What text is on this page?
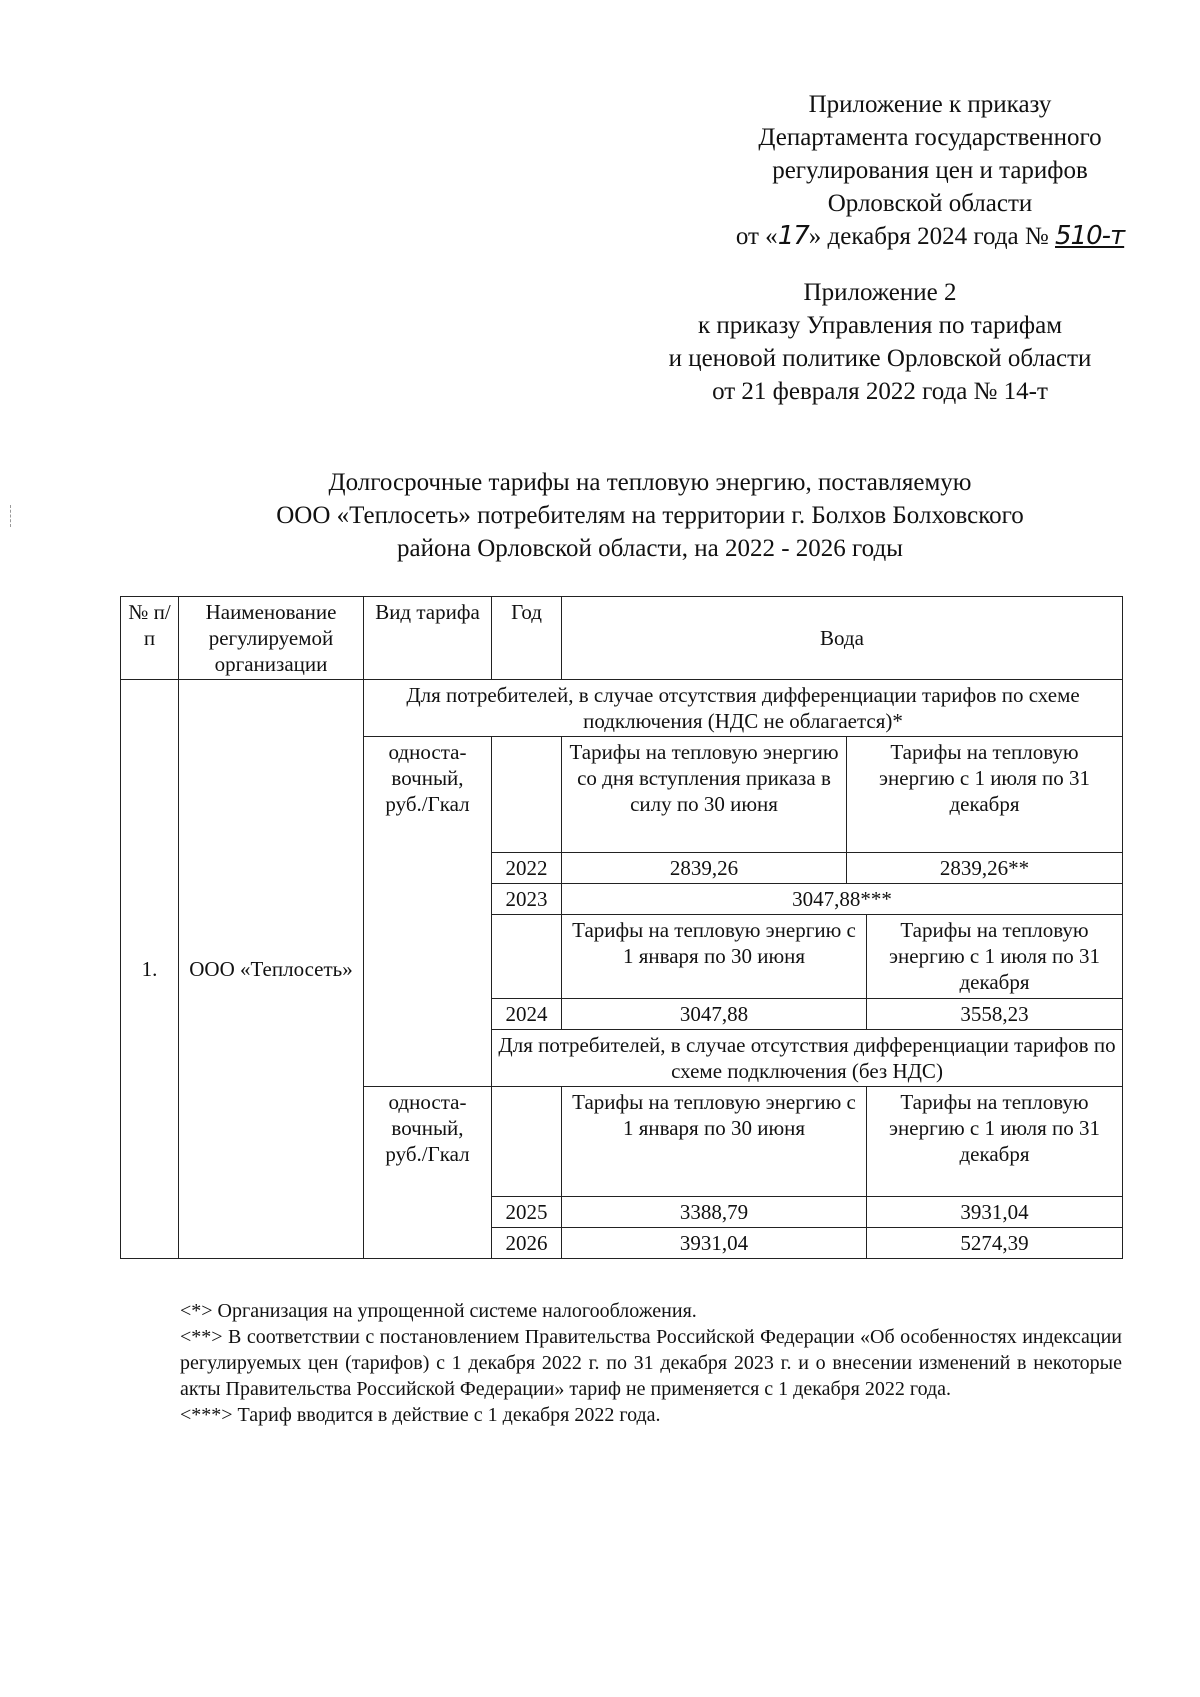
Приложение к приказу
Департамента государственного
регулирования цен и тарифов
Орловской области
от «17» декабря 2024 года № 510-т
Приложение 2
к приказу Управления по тарифам
и ценовой политике Орловской области
от 21 февраля 2022 года № 14-т
Долгосрочные тарифы на тепловую энергию, поставляемую
ООО «Теплосеть» потребителям на территории г. Болхов Болховского
района Орловской области, на 2022 - 2026 годы
№ п/п	Наименование регулируемой организации	Вид тарифа	Год	Вода		
1.	ООО «Теплосеть»	Для потребителей, в случае отсутствия дифференциации тарифов по схеме подключения (НДС не облагается)*				
		односта-вочный, руб./Гкал		Тарифы на тепловую энергию со дня вступления приказа в силу по 30 июня	Тарифы на тепловую энергию с 1 июля по 31 декабря	
			2022	2839,26	2839,26**	
			2023	3047,88***		
				Тарифы на тепловую энергию с 1 января по 30 июня		Тарифы на тепловую энергию с 1 июля по 31 декабря
			2024	3047,88		3558,23
			Для потребителей, в случае отсутствия дифференциации тарифов по схеме подключения (без НДС)			
		односта-вочный, руб./Гкал		Тарифы на тепловую энергию с 1 января по 30 июня		Тарифы на тепловую энергию с 1 июля по 31 декабря
			2025	3388,79		3931,04
			2026	3931,04		5274,39

<*> Организация на упрощенной системе налогообложения.

<**> В соответствии с постановлением Правительства Российской Федерации «Об особенностях индексации регулируемых цен (тарифов) с 1 декабря 2022 г. по 31 декабря 2023 г. и о внесении изменений в некоторые акты Правительства Российской Федерации» тариф не применяется с 1 декабря 2022 года.

<***> Тариф вводится в действие с 1 декабря 2022 года.
